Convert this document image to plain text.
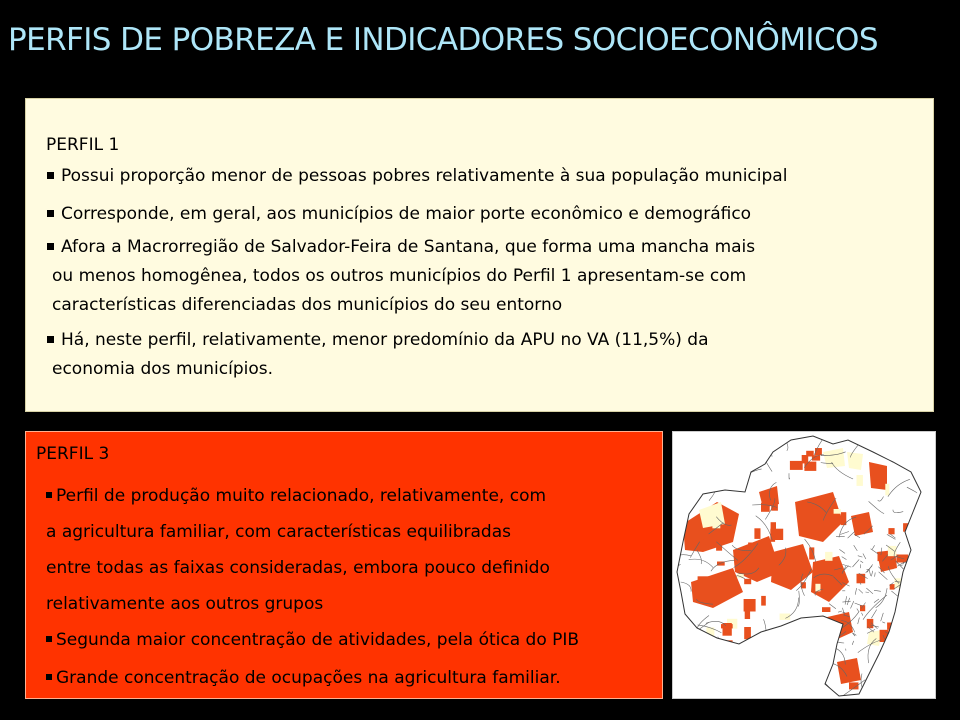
PERFIS DE POBREZA E INDICADORES SOCIOECONÔMICOS
PERFIL 1
Possui proporção menor de pessoas pobres relativamente à sua população municipal
Corresponde, em geral, aos municípios de maior porte econômico e demográfico
Afora a Macrorregião de Salvador-Feira de Santana, que forma uma mancha mais
ou menos homogênea, todos os outros municípios do Perfil 1 apresentam-se com
características diferenciadas dos municípios do seu entorno
Há, neste perfil, relativamente, menor predomínio da APU no VA (11,5%) da
economia dos municípios.
PERFIL 3
Perfil de produção muito relacionado, relativamente, com
a agricultura familiar, com características equilibradas
entre todas as faixas consideradas, embora pouco definido
relativamente aos outros grupos
Segunda maior concentração de atividades, pela ótica do PIB
Grande concentração de ocupações na agricultura familiar.
